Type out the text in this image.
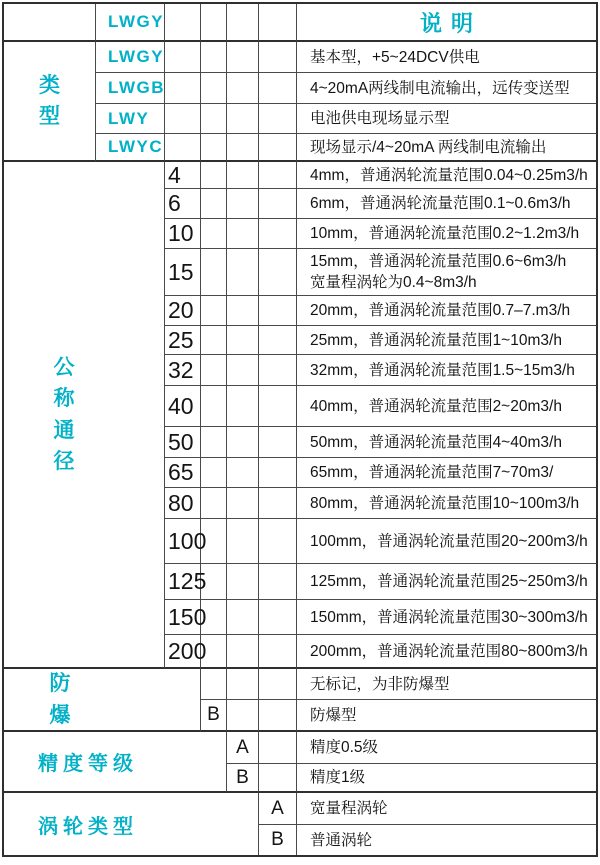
LWGY	说明
类型
LWGY	基本型，+5~24DCV供电
LWGB	4~20mA两线制电流输出，远传变送型
LWY	电池供电现场显示型
LWYC	现场显示/4~20mA 两线制电流输出
公称通径
4	4mm，普通涡轮流量范围0.04~0.25m3/h
6	6mm，普通涡轮流量范围0.1~0.6m3/h
10	10mm，普通涡轮流量范围0.2~1.2m3/h
15	15mm，普通涡轮流量范围0.6~6m3/h
宽量程涡轮为0.4~8m3/h
20	20mm，普通涡轮流量范围0.7–7.m3/h
25	25mm，普通涡轮流量范围1~10m3/h
32	32mm，普通涡轮流量范围1.5~15m3/h
40	40mm，普通涡轮流量范围2~20m3/h
50	50mm，普通涡轮流量范围4~40m3/h
65	65mm，普通涡轮流量范围7~70m3/
80	80mm，普通涡轮流量范围10~100m3/h
100	100mm，普通涡轮流量范围20~200m3/h
125	125mm，普通涡轮流量范围25~250m3/h
150	150mm，普通涡轮流量范围30~300m3/h
200	200mm，普通涡轮流量范围80~800m3/h
防爆
无标记，为非防爆型
B	防爆型
精度等级
A	精度0.5级
B	精度1级
涡轮类型
A	宽量程涡轮
B	普通涡轮
